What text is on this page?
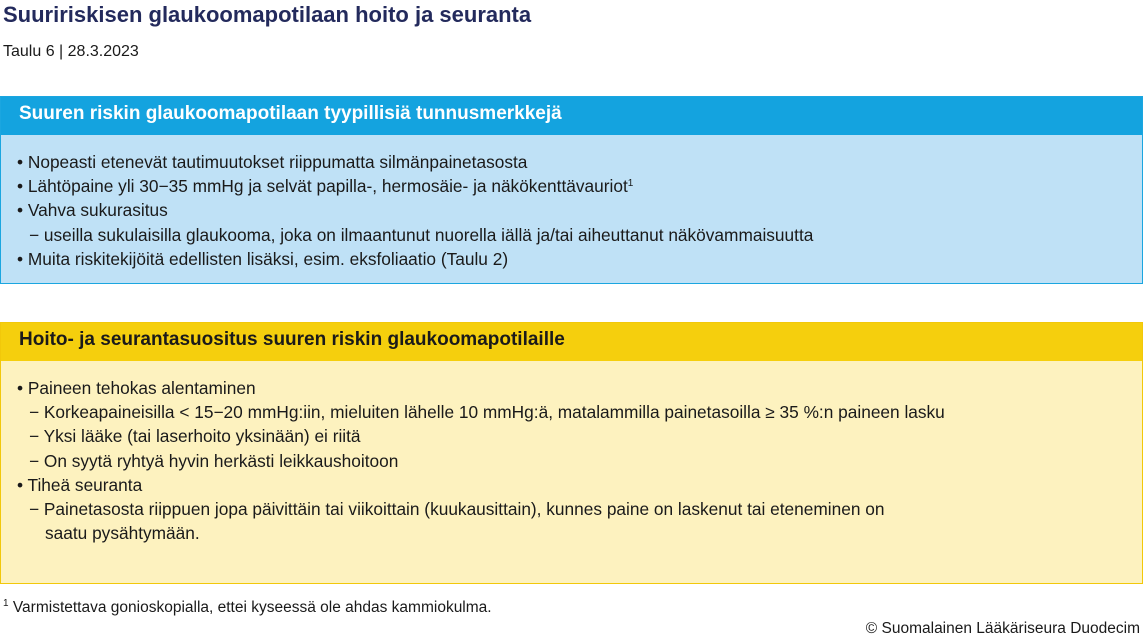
Suuririskisen glaukoomapotilaan hoito ja seuranta
Taulu 6 | 28.3.2023
Suuren riskin glaukoomapotilaan tyypillisiä tunnusmerkkejä
• Nopeasti etenevät tautimuutokset riippumatta silmänpainetasosta
• Lähtöpaine yli 30−35 mmHg ja selvät papilla-, hermosäie- ja näkökenttävauriot$^1$
• Vahva sukurasitus
− useilla sukulaisilla glaukooma, joka on ilmaantunut nuorella iällä ja/tai aiheuttanut näkövammaisuutta
• Muita riskitekijöitä edellisten lisäksi, esim. eksfoliaatio (Taulu 2)
Hoito- ja seurantasuositus suuren riskin glaukoomapotilaille
• Paineen tehokas alentaminen
− Korkeapaineisilla < 15−20 mmHg:iin, mieluiten lähelle 10 mmHg:ä, matalammilla painetasoilla ≥ 35 %:n paineen lasku
− Yksi lääke (tai laserhoito yksinään) ei riitä
− On syytä ryhtyä hyvin herkästi leikkaushoitoon
• Tiheä seuranta
− Painetasosta riippuen jopa päivittäin tai viikoittain (kuukausittain), kunnes paine on laskenut tai eteneminen on
saatu pysähtymään.
$^1$ Varmistettava gonioskopialla, ettei kyseessä ole ahdas kammiokulma.
© Suomalainen Lääkäriseura Duodecim
